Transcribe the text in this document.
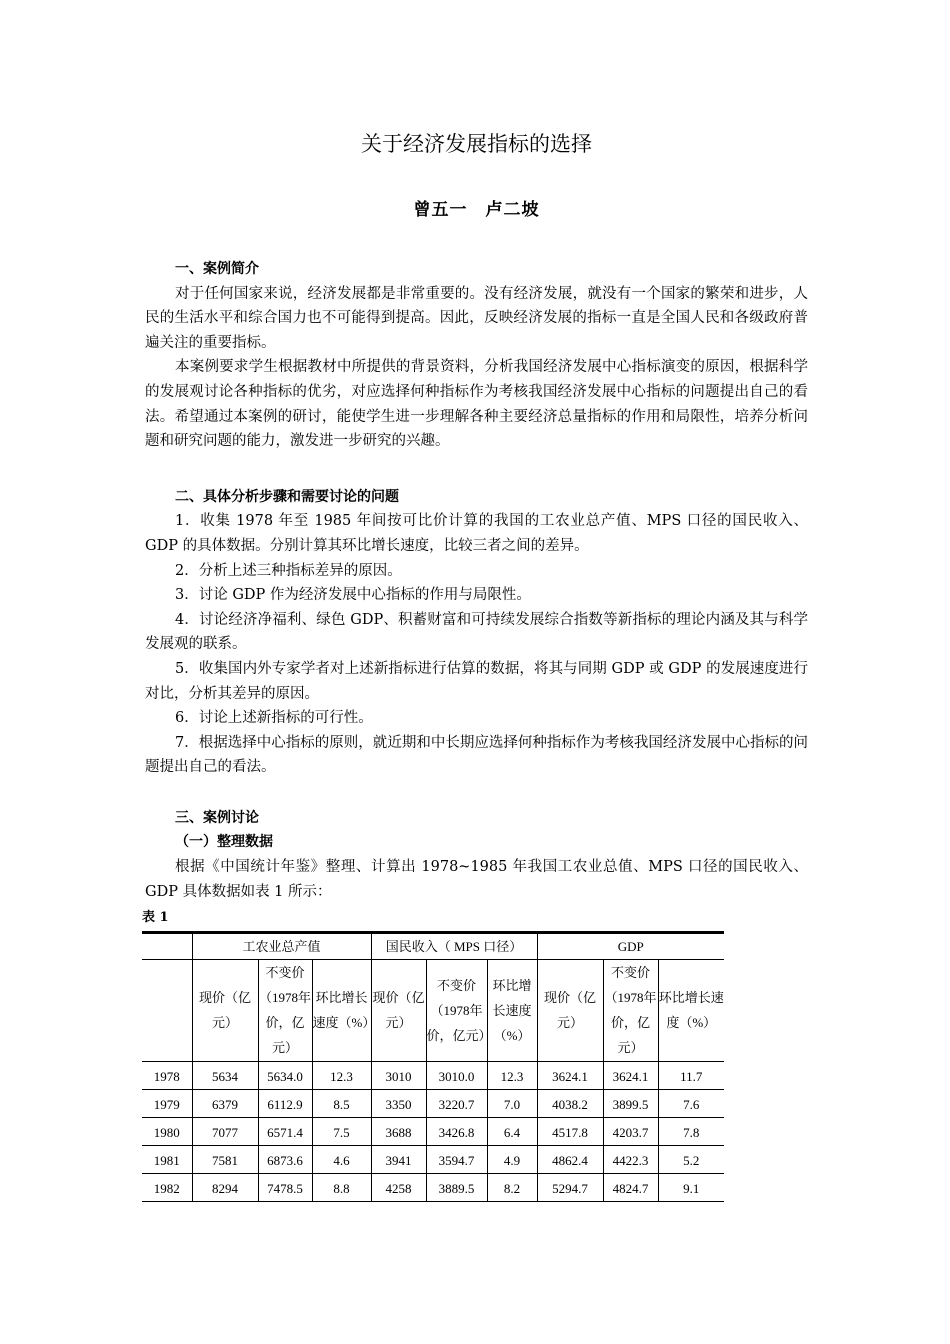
关于经济发展指标的选择
曾五一　卢二坡
一、案例简介

对于任何国家来说，经济发展都是非常重要的。没有经济发展，就没有一个国家的繁荣和进步，人民的生活水平和综合国力也不可能得到提高。因此，反映经济发展的指标一直是全国人民和各级政府普遍关注的重要指标。

本案例要求学生根据教材中所提供的背景资料，分析我国经济发展中心指标演变的原因，根据科学的发展观讨论各种指标的优劣，对应选择何种指标作为考核我国经济发展中心指标的问题提出自己的看法。希望通过本案例的研讨，能使学生进一步理解各种主要经济总量指标的作用和局限性，培养分析问题和研究问题的能力，激发进一步研究的兴趣。

二、具体分析步骤和需要讨论的问题

1．收集 1978 年至 1985 年间按可比价计算的我国的工农业总产值、MPS 口径的国民收入、GDP 的具体数据。分别计算其环比增长速度，比较三者之间的差异。

2．分析上述三种指标差异的原因。

3．讨论 GDP 作为经济发展中心指标的作用与局限性。

4．讨论经济净福利、绿色 GDP、积蓄财富和可持续发展综合指数等新指标的理论内涵及其与科学发展观的联系。

5．收集国内外专家学者对上述新指标进行估算的数据，将其与同期 GDP 或 GDP 的发展速度进行对比，分析其差异的原因。

6．讨论上述新指标的可行性。

7．根据选择中心指标的原则，就近期和中长期应选择何种指标作为考核我国经济发展中心指标的问题提出自己的看法。

三、案例讨论
（一）整理数据

根据《中国统计年鉴》整理、计算出 1978~1985 年我国工农业总值、MPS 口径的国民收入、GDP 具体数据如表 1 所示：

表 1
	工农业总产值			国民收入（ MPS 口径）			GDP		
	现价（亿元）	不变价（1978年价，亿元）	环比增长速度（%）	现价（亿元）	不变价（1978年价，亿元）	环比增长速度（%）	现价（亿元）	不变价（1978年价，亿元）	环比增长速度（%）
1978	5634	5634.0	12.3	3010	3010.0	12.3	3624.1	3624.1	11.7
1979	6379	6112.9	8.5	3350	3220.7	7.0	4038.2	3899.5	7.6
1980	7077	6571.4	7.5	3688	3426.8	6.4	4517.8	4203.7	7.8
1981	7581	6873.6	4.6	3941	3594.7	4.9	4862.4	4422.3	5.2
1982	8294	7478.5	8.8	4258	3889.5	8.2	5294.7	4824.7	9.1
